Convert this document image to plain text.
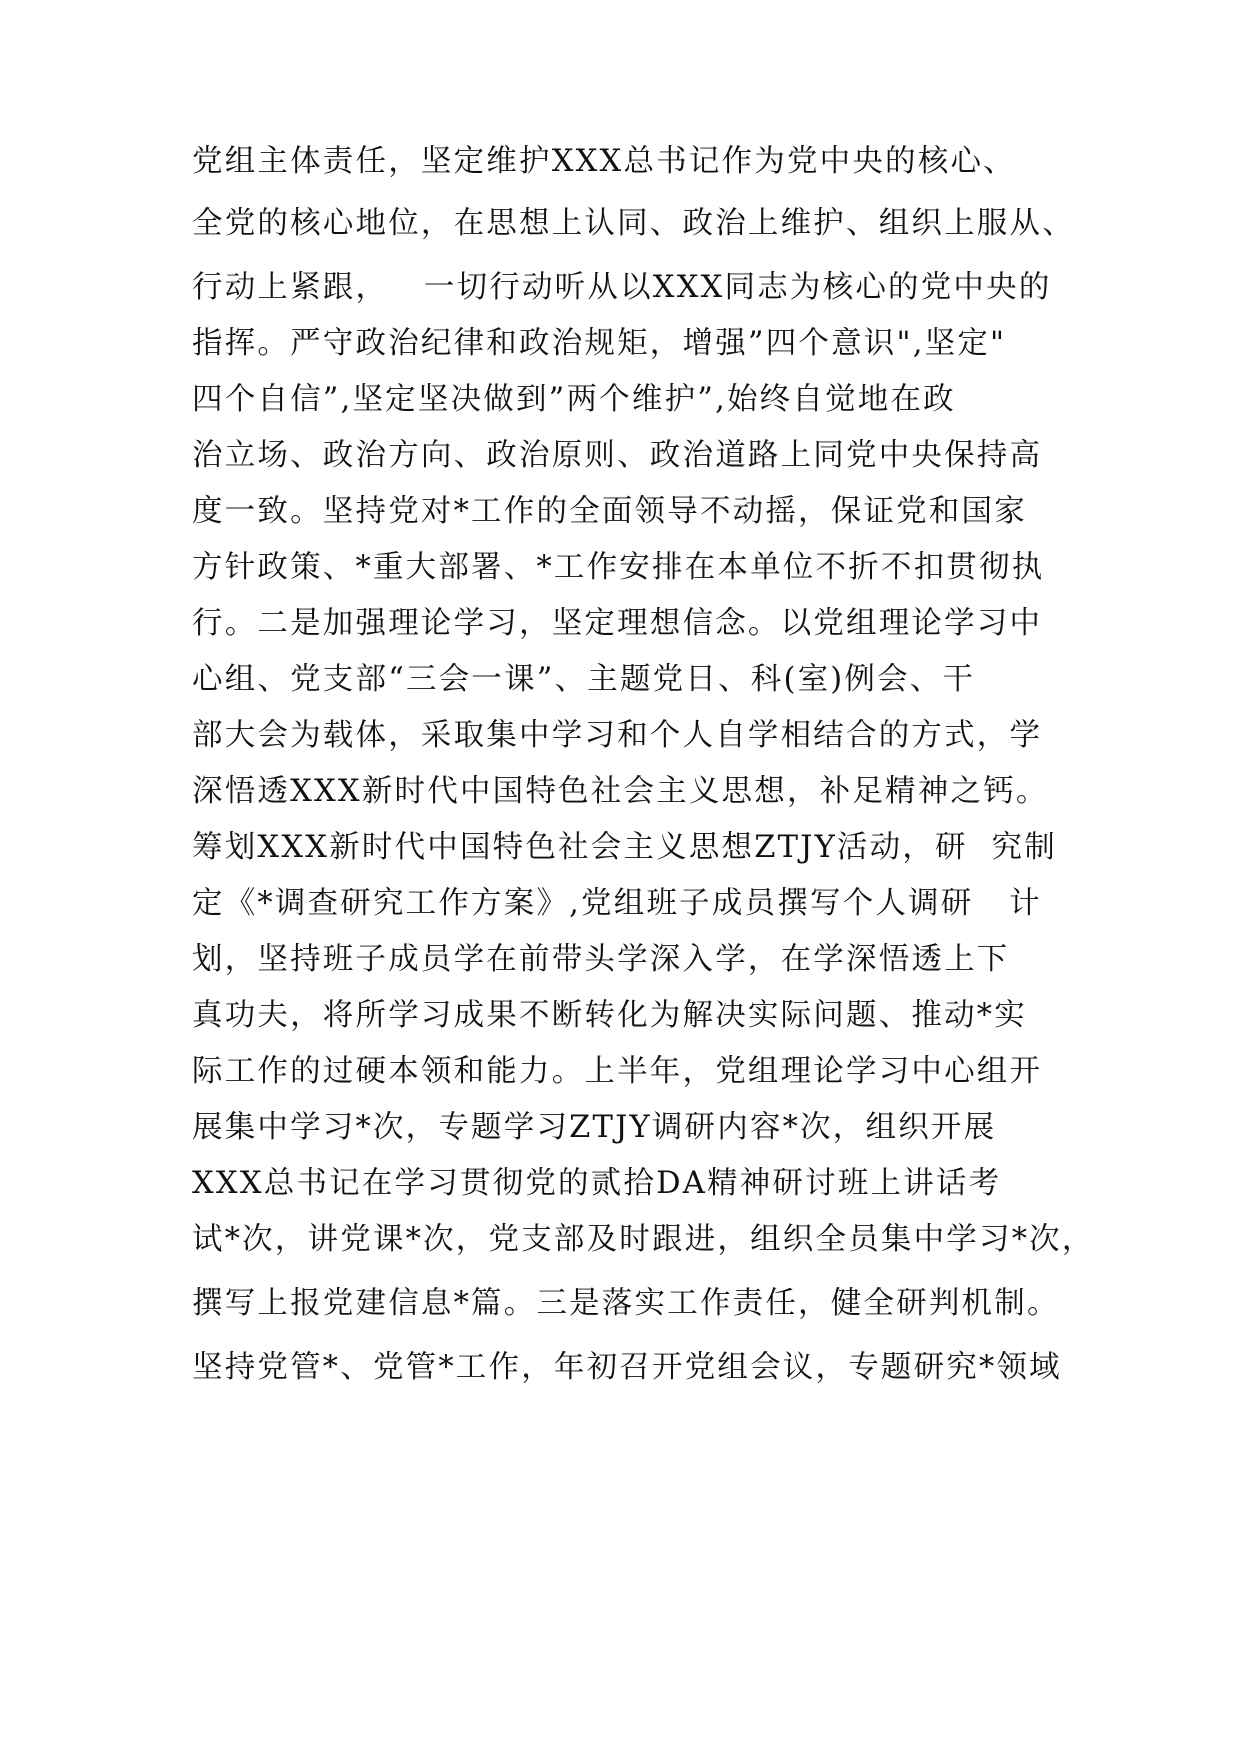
党组主体责任，坚定维护XXX总书记作为党中央的核心、
全党的核心地位，在思想上认同、政治上维护、组织上服从、
行动上紧跟，   一切行动听从以XXX同志为核心的党中央的
指挥。严守政治纪律和政治规矩，增强”四个意识",坚定"
四个自信”,坚定坚决做到”两个维护”,始终自觉地在政
治立场、政治方向、政治原则、政治道路上同党中央保持高
度一致。坚持党对*工作的全面领导不动摇，保证党和国家
方针政策、*重大部署、*工作安排在本单位不折不扣贯彻执
行。二是加强理论学习，坚定理想信念。以党组理论学习中
心组、党支部“三会一课”、主题党日、科(室)例会、干
部大会为载体，采取集中学习和个人自学相结合的方式，学
深悟透XXX新时代中国特色社会主义思想，补足精神之钙。
筹划XXX新时代中国特色社会主义思想ZTJY活动，研  究制
定《*调查研究工作方案》,党组班子成员撰写个人调研   计
划，坚持班子成员学在前带头学深入学，在学深悟透上下
真功夫，将所学习成果不断转化为解决实际问题、推动*实
际工作的过硬本领和能力。上半年，党组理论学习中心组开
展集中学习*次，专题学习ZTJY调研内容*次，组织开展
XXX总书记在学习贯彻党的贰拾DA精神研讨班上讲话考
试*次，讲党课*次，党支部及时跟进，组织全员集中学习*次，
撰写上报党建信息*篇。三是落实工作责任，健全研判机制。
坚持党管*、党管*工作，年初召开党组会议，专题研究*领域
